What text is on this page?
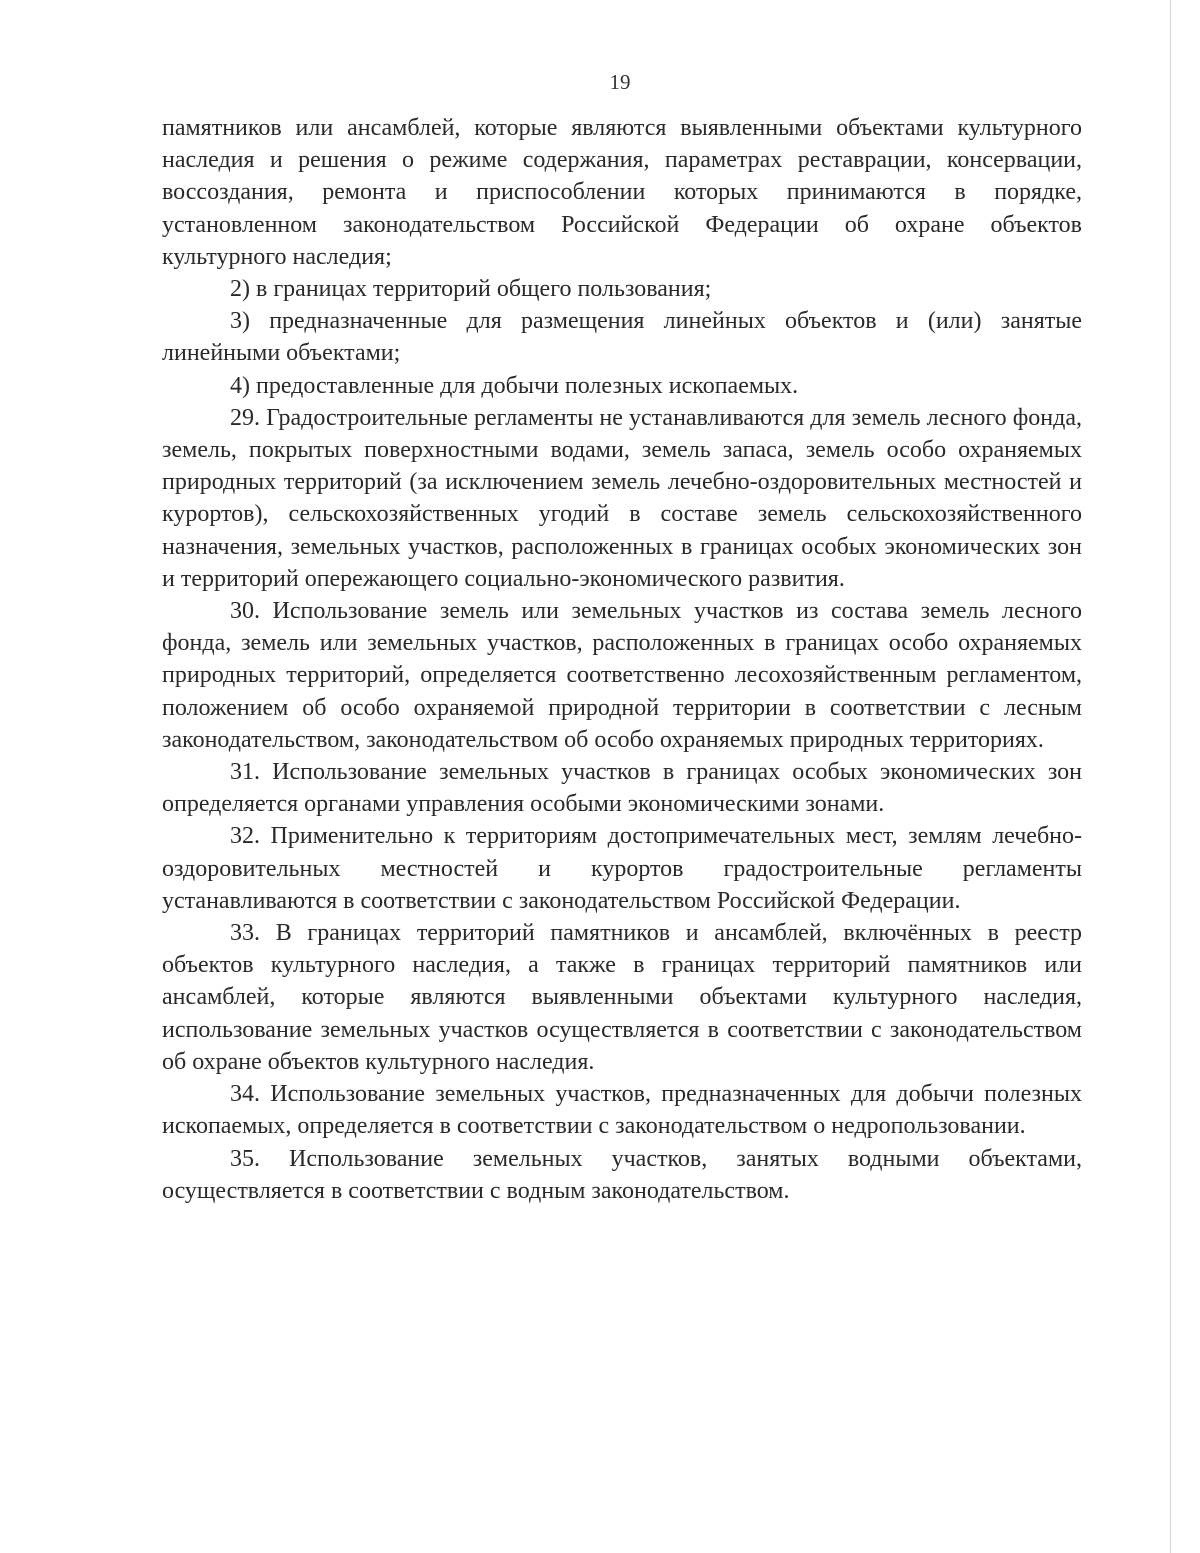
19

памятников или ансамблей, которые являются выявленными объектами культурного наследия и решения о режиме содержания, параметрах реставрации, консервации, воссоздания, ремонта и приспособлении которых принимаются в порядке, установленном законодательством Российской Федерации об охране объектов культурного наследия;

2) в границах территорий общего пользования;

3) предназначенные для размещения линейных объектов и (или) занятые линейными объектами;

4) предоставленные для добычи полезных ископаемых.

29. Градостроительные регламенты не устанавливаются для земель лесного фонда, земель, покрытых поверхностными водами, земель запаса, земель особо охраняемых природных территорий (за исключением земель лечебно-оздоровительных местностей и курортов), сельскохозяйственных угодий в составе земель сельскохозяйственного назначения, земельных участков, расположенных в границах особых экономических зон и территорий опережающего социально-экономического развития.

30. Использование земель или земельных участков из состава земель лесного фонда, земель или земельных участков, расположенных в границах особо охраняемых природных территорий, определяется соответственно лесохозяйственным регламентом, положением об особо охраняемой природной территории в соответствии с лесным законодательством, законодательством об особо охраняемых природных территориях.

31. Использование земельных участков в границах особых экономических зон определяется органами управления особыми экономическими зонами.

32. Применительно к территориям достопримечательных мест, землям лечебно-оздоровительных местностей и курортов градостроительные регламенты устанавливаются в соответствии с законодательством Российской Федерации.

33. В границах территорий памятников и ансамблей, включённых в реестр объектов культурного наследия, а также в границах территорий памятников или ансамблей, которые являются выявленными объектами культурного наследия, использование земельных участков осуществляется в соответствии с законодательством об охране объектов культурного наследия.

34. Использование земельных участков, предназначенных для добычи полезных ископаемых, определяется в соответствии с законодательством о недропользовании.

35. Использование земельных участков, занятых водными объектами, осуществляется в соответствии с водным законодательством.
